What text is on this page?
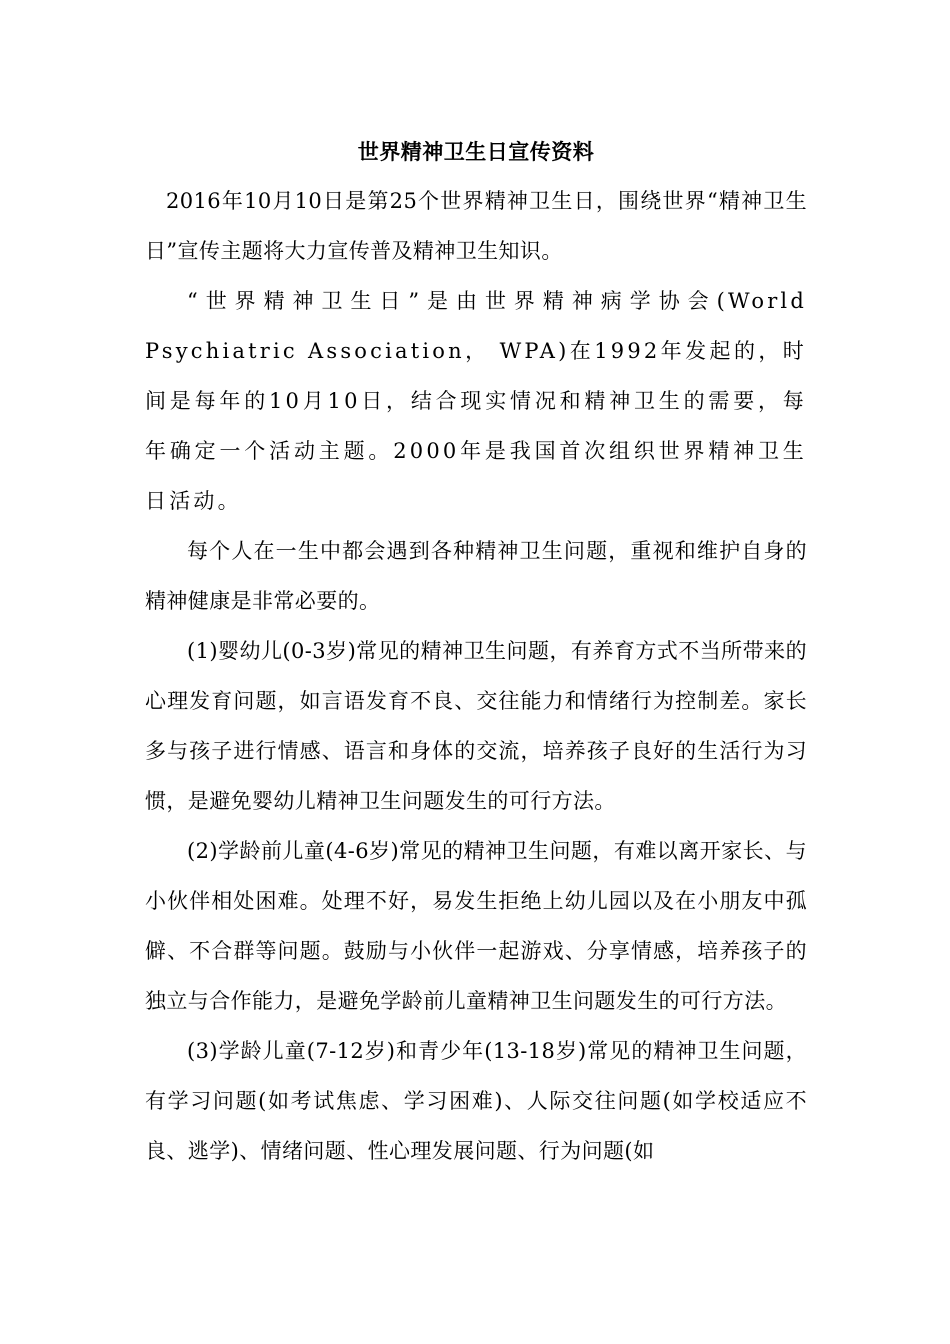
世界精神卫生日宣传资料

2016年10月10日是第25个世界精神卫生日，围绕世界“精神卫生日”宣传主题将大力宣传普及精神卫生知识。

“世界精神卫生日”是由世界精神病学协会(World Psychiatric Association， WPA)在1992年发起的，时间是每年的10月10日，结合现实情况和精神卫生的需要，每年确定一个活动主题。2000年是我国首次组织世界精神卫生日活动。

每个人在一生中都会遇到各种精神卫生问题，重视和维护自身的精神健康是非常必要的。

(1)婴幼儿(0-3岁)常见的精神卫生问题，有养育方式不当所带来的心理发育问题，如言语发育不良、交往能力和情绪行为控制差。家长多与孩子进行情感、语言和身体的交流，培养孩子良好的生活行为习惯，是避免婴幼儿精神卫生问题发生的可行方法。

(2)学龄前儿童(4-6岁)常见的精神卫生问题，有难以离开家长、与小伙伴相处困难。处理不好，易发生拒绝上幼儿园以及在小朋友中孤僻、不合群等问题。鼓励与小伙伴一起游戏、分享情感，培养孩子的独立与合作能力，是避免学龄前儿童精神卫生问题发生的可行方法。

(3)学龄儿童(7-12岁)和青少年(13-18岁)常见的精神卫生问题，有学习问题(如考试焦虑、学习困难)、人际交往问题(如学校适应不良、逃学)、情绪问题、性心理发展问题、行为问题(如
